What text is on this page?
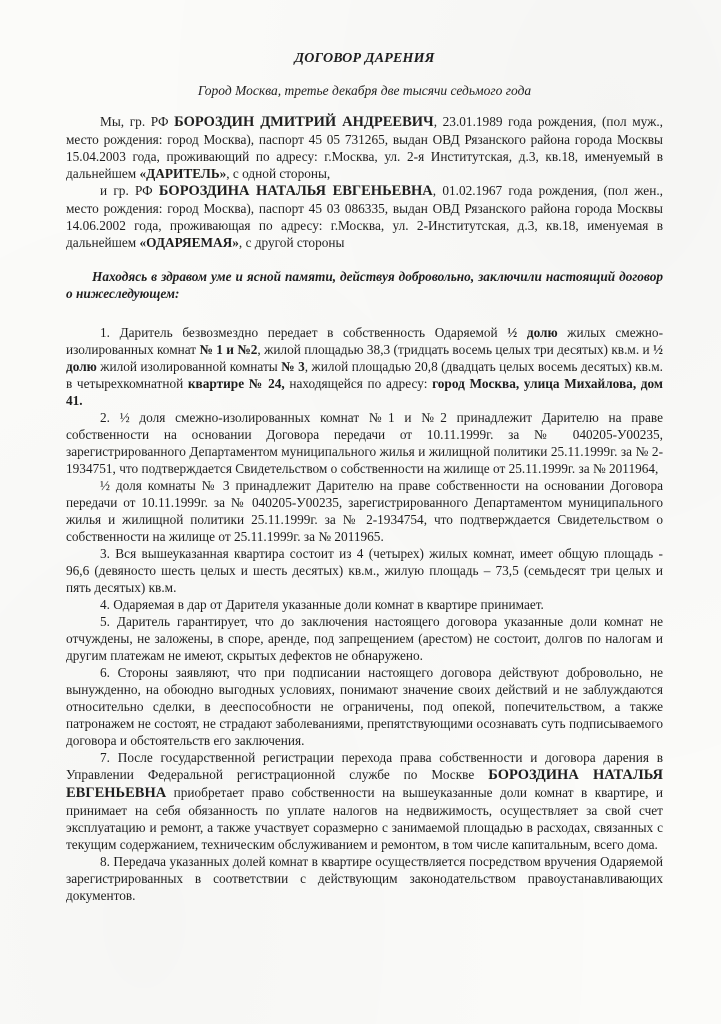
ДОГОВОР ДАРЕНИЯ
Город Москва, третье декабря две тысячи седьмого года

Мы, гр. РФ БОРОЗДИН ДМИТРИЙ АНДРЕЕВИЧ, 23.01.1989 года рождения, (пол муж., место рождения: город Москва), паспорт 45 05 731265, выдан ОВД Рязанского района города Москвы 15.04.2003 года, проживающий по адресу: г.Москва, ул. 2-я Институтская, д.3, кв.18, именуемый в дальнейшем «ДАРИТЕЛЬ», с одной стороны,

и гр. РФ БОРОЗДИНА НАТАЛЬЯ ЕВГЕНЬЕВНА, 01.02.1967 года рождения, (пол жен., место рождения: город Москва), паспорт 45 03 086335, выдан ОВД Рязанского района города Москвы 14.06.2002 года, проживающая по адресу: г.Москва, ул. 2-Институтская, д.3, кв.18, именуемая в дальнейшем «ОДАРЯЕМАЯ», с другой стороны

Находясь в здравом уме и ясной памяти, действуя добровольно, заключили настоящий договор о нижеследующем:

1. Даритель безвозмездно передает в собственность Одаряемой ½ долю жилых смежно-изолированных комнат № 1 и №2, жилой площадью 38,3 (тридцать восемь целых три десятых) кв.м. и ½ долю жилой изолированной комнаты № 3, жилой площадью 20,8 (двадцать целых восемь десятых) кв.м. в четырехкомнатной квартире № 24, находящейся по адресу: город Москва, улица Михайлова, дом 41.

2. ½ доля смежно-изолированных комнат №1 и №2 принадлежит Дарителю на праве собственности на основании Договора передачи от 10.11.1999г. за № 040205-У00235, зарегистрированного Департаментом муниципального жилья и жилищной политики 25.11.1999г. за № 2-1934751, что подтверждается Свидетельством о собственности на жилище от 25.11.1999г. за № 2011964,

½ доля комнаты № 3 принадлежит Дарителю на праве собственности на основании Договора передачи от 10.11.1999г. за № 040205-У00235, зарегистрированного Департаментом муниципального жилья и жилищной политики 25.11.1999г. за № 2-1934754, что подтверждается Свидетельством о собственности на жилище от 25.11.1999г. за № 2011965.

3. Вся вышеуказанная квартира состоит из 4 (четырех) жилых комнат, имеет общую площадь - 96,6 (девяносто шесть целых и шесть десятых) кв.м., жилую площадь – 73,5 (семьдесят три целых и пять десятых) кв.м.

4. Одаряемая в дар от Дарителя указанные доли комнат в квартире принимает.

5. Даритель гарантирует, что до заключения настоящего договора указанные доли комнат не отчуждены, не заложены, в споре, аренде, под запрещением (арестом) не состоит, долгов по налогам и другим платежам не имеют, скрытых дефектов не обнаружено.

6. Стороны заявляют, что при подписании настоящего договора действуют добровольно, не вынужденно, на обоюдно выгодных условиях, понимают значение своих действий и не заблуждаются относительно сделки, в дееспособности не ограничены, под опекой, попечительством, а также патронажем не состоят, не страдают заболеваниями, препятствующими осознавать суть подписываемого договора и обстоятельств его заключения.

7. После государственной регистрации перехода права собственности и договора дарения в Управлении Федеральной регистрационной службе по Москве БОРОЗДИНА НАТАЛЬЯ ЕВГЕНЬЕВНА приобретает право собственности на вышеуказанные доли комнат в квартире, и принимает на себя обязанность по уплате налогов на недвижимость, осуществляет за свой счет эксплуатацию и ремонт, а также участвует соразмерно с занимаемой площадью в расходах, связанных с текущим содержанием, техническим обслуживанием и ремонтом, в том числе капитальным, всего дома.

8. Передача указанных долей комнат в квартире осуществляется посредством вручения Одаряемой зарегистрированных в соответствии с действующим законодательством правоустанавливающих документов.
